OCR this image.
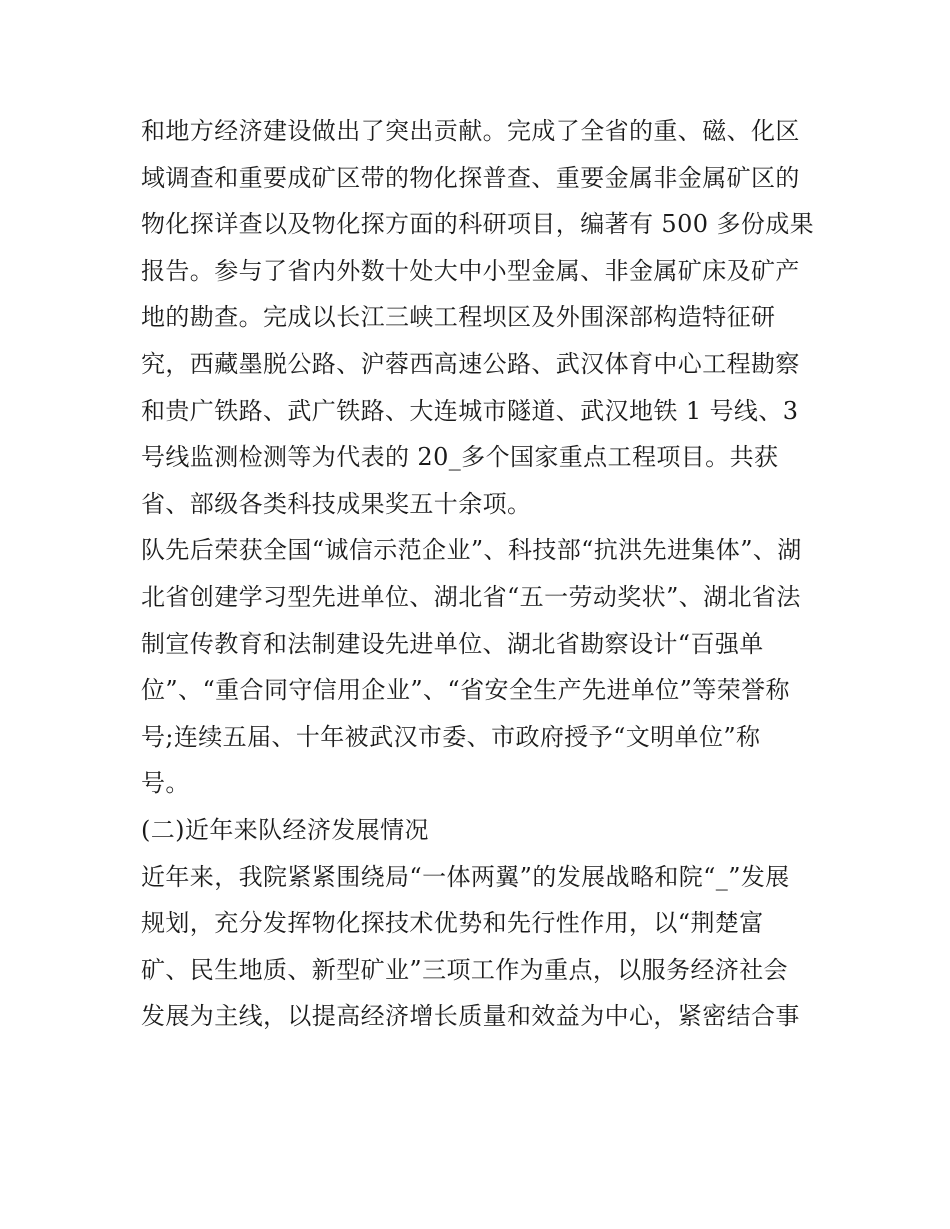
和地方经济建设做出了突出贡献。完成了全省的重、磁、化区
域调查和重要成矿区带的物化探普查、重要金属非金属矿区的
物化探详查以及物化探方面的科研项目，编著有 500 多份成果
报告。参与了省内外数十处大中小型金属、非金属矿床及矿产
地的勘查。完成以长江三峡工程坝区及外围深部构造特征研
究，西藏墨脱公路、沪蓉西高速公路、武汉体育中心工程勘察
和贵广铁路、武广铁路、大连城市隧道、武汉地铁 1 号线、3
号线监测检测等为代表的 20_多个国家重点工程项目。共获
省、部级各类科技成果奖五十余项。
队先后荣获全国“诚信示范企业”、科技部“抗洪先进集体”、湖
北省创建学习型先进单位、湖北省“五一劳动奖状”、湖北省法
制宣传教育和法制建设先进单位、湖北省勘察设计“百强单
位”、“重合同守信用企业”、“省安全生产先进单位”等荣誉称
号;连续五届、十年被武汉市委、市政府授予“文明单位”称
号。
(二)近年来队经济发展情况
近年来，我院紧紧围绕局“一体两翼”的发展战略和院“_”发展
规划，充分发挥物化探技术优势和先行性作用，以“荆楚富
矿、民生地质、新型矿业”三项工作为重点，以服务经济社会
发展为主线，以提高经济增长质量和效益为中心，紧密结合事
